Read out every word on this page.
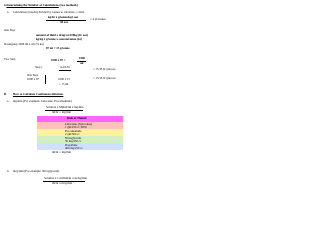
n Determining the Number of Calculations (two methods)
a. Calculation (tons/hr) divided by tonnes to calculate = cattle
kg/hr x g/tonne/kg/t oat
48 oat
= 4 pl/tonnes
One Step
amount of fluid x drug/wt/100kg (ft/ oat)
kg/kg x g/tonne x concentration (kt)
Dosingstep 1000 ml x cm (% ka)
87 ml × 15 g/tonne
Two Step	1000 x 87 =	1000
ml
Step 1	4,4 8.33	= 15.33 ltr glucose
One Step
1000 x 87	1000 x 15	= 15.33 ltr glucose
= 15 ml
B. How to Calculate Continuous Infusions
a. mg/min (For example: Lidocaine, Procainamide)
Solution x Milled/ml x mg/min
ml/hr = mg/min
Rule of Thumb
Lidocaine (Xylocaine)
1 gm/250 cc D5W
Procainamide
2 gm/500 cc
Nitroglycerin
50 mg/250 cc
Dopamine
400 mg/250 cc
ml/hr = mg/min
b. mcg/min (For example: Nitroglycerin)
Solution x 1 ml/min/kt conc/kg/min
ml/hr x mcg/min
